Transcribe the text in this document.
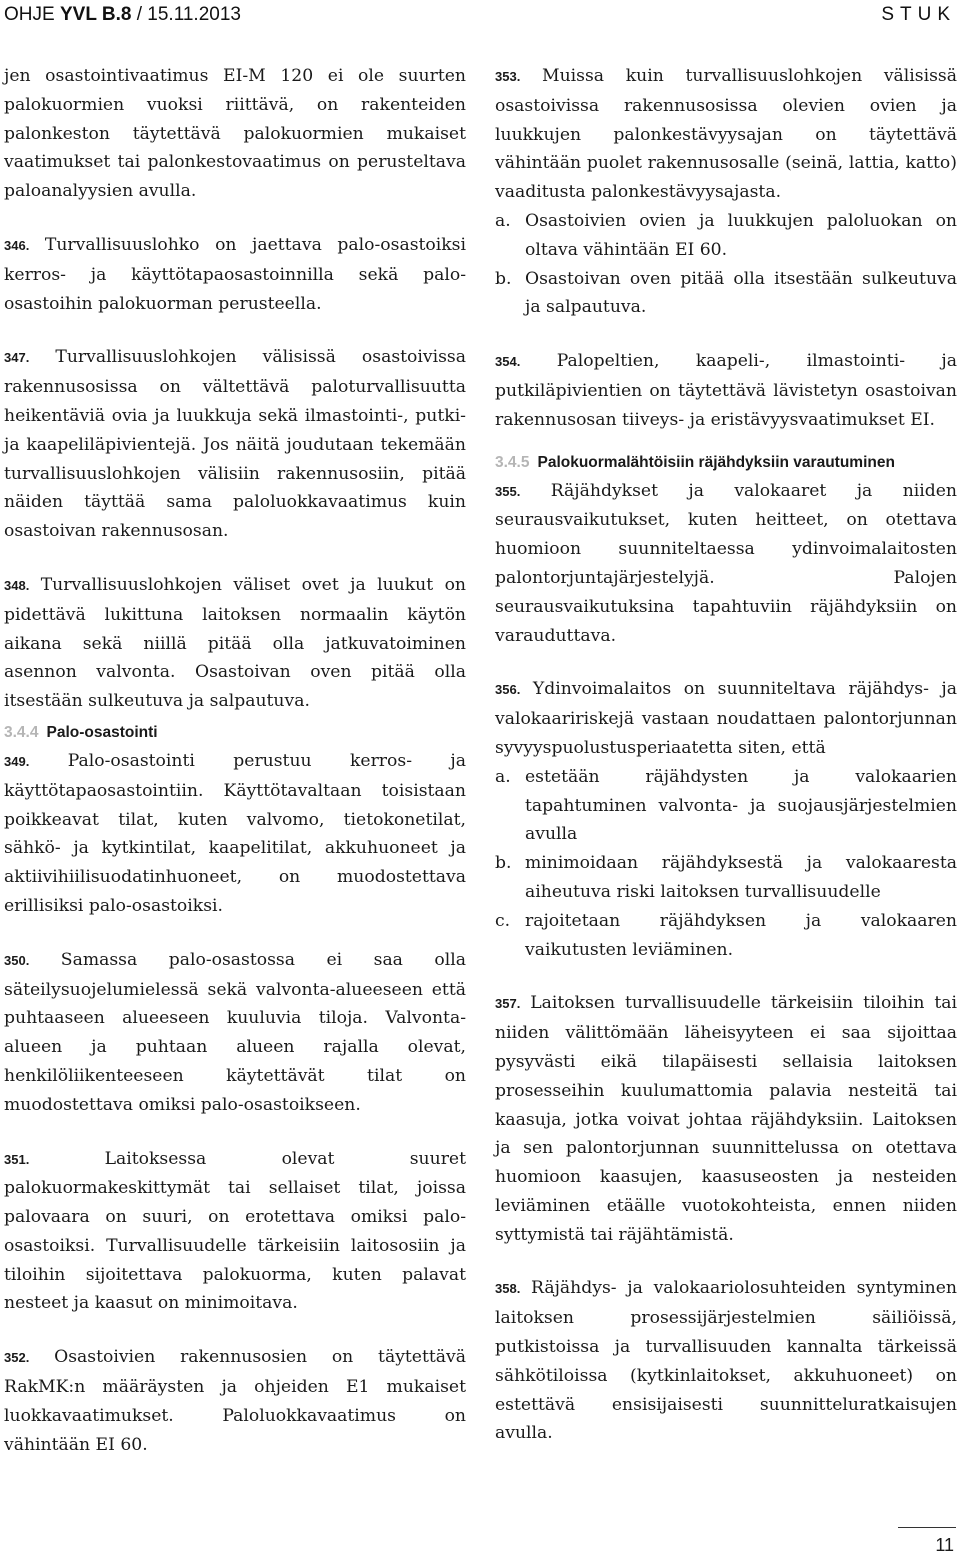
OHJE YVL B.8 / 15.11.2013	STUK

jen osastointivaatimus EI-M 120 ei ole suurten palokuormien vuoksi riittävä, on rakenteiden palonkeston täytettävä palokuormien mukaiset vaatimukset tai palonkestovaatimus on perusteltava paloanalyysien avulla.

346. Turvallisuuslohko on jaettava palo-osastoiksi kerros- ja käyttötapaosastoinnilla sekä palo-osastoihin palokuorman perusteella.

347. Turvallisuuslohkojen välisissä osastoivissa rakennusosissa on vältettävä paloturvallisuutta heikentäviä ovia ja luukkuja sekä ilmastointi-, putki- ja kaapeliläpivientejä. Jos näitä joudutaan tekemään turvallisuuslohkojen välisiin rakennusosiin, pitää näiden täyttää sama paloluokkavaatimus kuin osastoivan rakennusosan.

348. Turvallisuuslohkojen väliset ovet ja luukut on pidettävä lukittuna laitoksen normaalin käytön aikana sekä niillä pitää olla jatkuvatoiminen asennon valvonta. Osastoivan oven pitää olla itsestään sulkeutuva ja salpautuva.

3.4.4 Palo-osastointi

349. Palo-osastointi perustuu kerros- ja käyttötapaosastointiin. Käyttötavaltaan toisistaan poikkeavat tilat, kuten valvomo, tietokonetilat, sähkö- ja kytkintilat, kaapelitilat, akkuhuoneet ja aktiivihiilisuodatinhuoneet, on muodostettava erillisiksi palo-osastoiksi.

350. Samassa palo-osastossa ei saa olla säteilysuojelumielessä sekä valvonta-alueeseen että puhtaaseen alueeseen kuuluvia tiloja. Valvonta-alueen ja puhtaan alueen rajalla olevat, henkilöliikenteeseen käytettävät tilat on muodostettava omiksi palo-osastoikseen.

351.	Laitoksessa olevat suuret palokuormakeskittymät tai sellaiset tilat, joissa palovaara on suuri, on erotettava omiksi palo-osastoiksi. Turvallisuudelle tärkeisiin laitososiin ja tiloihin sijoitettava palokuorma, kuten palavat nesteet ja kaasut on minimoitava.

352. Osastoivien rakennusosien on täytettävä RakMK:n määräysten ja ohjeiden E1 mukaiset luokkavaatimukset. Paloluokkavaatimus on vähintään EI 60.

353. Muissa kuin turvallisuuslohkojen välisissä osastoivissa rakennusosissa olevien ovien ja luukkujen palonkestävyysajan on täytettävä vähintään puolet rakennusosalle (seinä, lattia, katto) vaaditusta palonkestävyysajasta.

a. Osastoivien ovien ja luukkujen paloluokan on oltava vähintään EI 60.
b. Osastoivan oven pitää olla itsestään sulkeutuva ja salpautuva.

354. Palopeltien, kaapeli-, ilmastointi- ja putkiläpivientien on täytettävä lävistetyn osastoivan rakennusosan tiiveys- ja eristävyysvaatimukset EI.

3.4.5 Palokuormalähtöisiin räjähdyksiin varautuminen

355. Räjähdykset ja valokaaret ja niiden seurausvaikutukset, kuten heitteet, on otettava huomioon suunniteltaessa ydinvoimalaitosten palontorjuntajärjestelyjä. Palojen seurausvaikutuksina tapahtuviin räjähdyksiin on varauduttava.

356. Ydinvoimalaitos on suunniteltava räjähdys- ja valokaaririskejä vastaan noudattaen palontorjunnan syvyyspuolustusperiaatetta siten, että

a. estetään räjähdysten ja valokaarien tapahtuminen valvonta- ja suojausjärjestelmien avulla
b. minimoidaan räjähdyksestä ja valokaaresta aiheutuva riski laitoksen turvallisuudelle
c. rajoitetaan räjähdyksen ja valokaaren vaikutusten leviäminen.

357. Laitoksen turvallisuudelle tärkeisiin tiloihin tai niiden välittömään läheisyyteen ei saa sijoittaa pysyvästi eikä tilapäisesti sellaisia laitoksen prosesseihin kuulumattomia palavia nesteitä tai kaasuja, jotka voivat johtaa räjähdyksiin. Laitoksen ja sen palontorjunnan suunnittelussa on otettava huomioon kaasujen, kaasuseosten ja nesteiden leviäminen etäälle vuotokohteista, ennen niiden syttymistä tai räjähtämistä.

358. Räjähdys- ja valokaariolosuhteiden syntyminen laitoksen prosessijärjestelmien säiliöissä, putkistoissa ja turvallisuuden kannalta tärkeissä sähkötiloissa (kytkinlaitokset, akkuhuoneet) on estettävä ensisijaisesti suunnitteluratkaisujen avulla.

11
